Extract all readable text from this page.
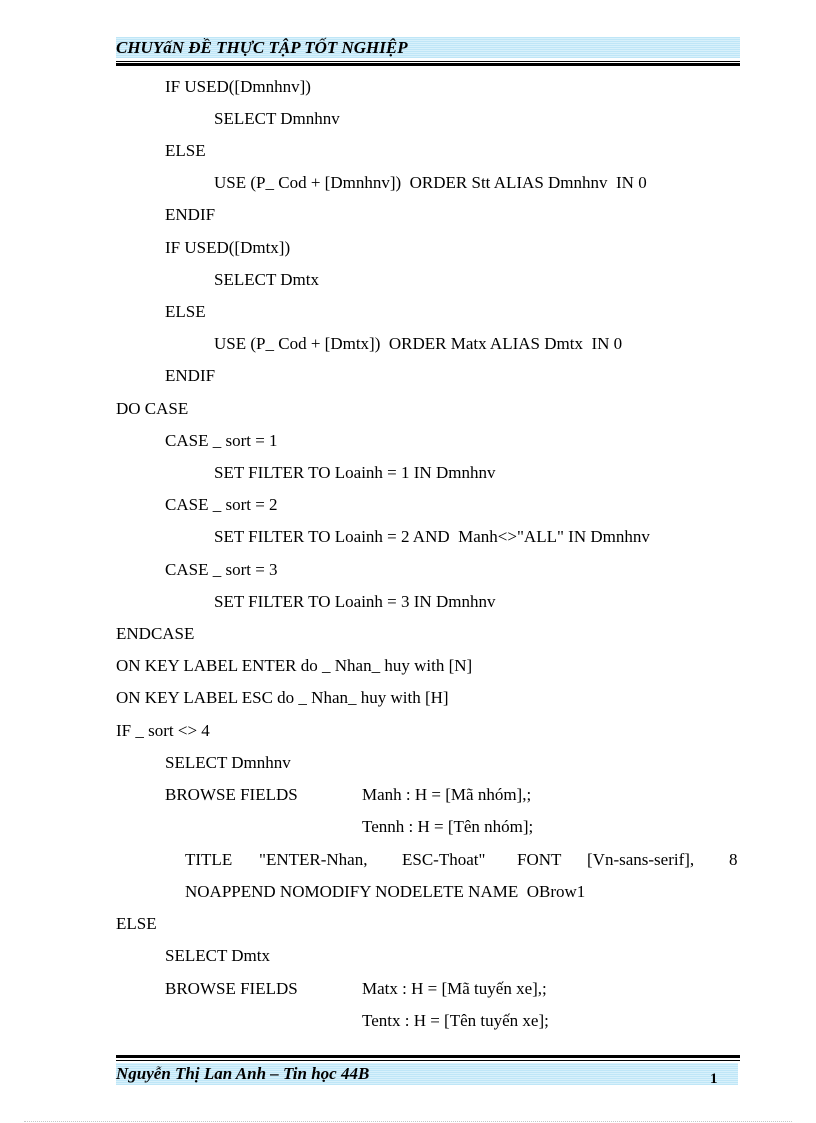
CHUYấN ĐỀ THỰC TẬP TỐT NGHIỆP
IF USED([Dmnhnv])
SELECT Dmnhnv
ELSE
USE (P_ Cod + [Dmnhnv])  ORDER Stt ALIAS Dmnhnv  IN 0
ENDIF
IF USED([Dmtx])
SELECT Dmtx
ELSE
USE (P_ Cod + [Dmtx])  ORDER Matx ALIAS Dmtx  IN 0
ENDIF
DO CASE
CASE _ sort = 1
SET FILTER TO Loainh = 1 IN Dmnhnv
CASE _ sort = 2
SET FILTER TO Loainh = 2 AND  Manh<>"ALL" IN Dmnhnv
CASE _ sort = 3
SET FILTER TO Loainh = 3 IN Dmnhnv
ENDCASE
ON KEY LABEL ENTER do _ Nhan_ huy with [N]
ON KEY LABEL ESC do _ Nhan_ huy with [H]
IF _ sort <> 4
SELECT Dmnhnv
BROWSE FIELDS	Manh : H = [Mã nhóm],;
Tennh : H = [Tên nhóm];
TITLE "ENTER-Nhan, ESC-Thoat" FONT [Vn-sans-serif], 8
NOAPPEND NOMODIFY NODELETE NAME  OBrow1
ELSE
SELECT Dmtx
BROWSE FIELDS	Matx : H = [Mã tuyến xe],;
Tentx : H = [Tên tuyến xe];
Nguyễn Thị Lan Anh – Tin học 44B	1
